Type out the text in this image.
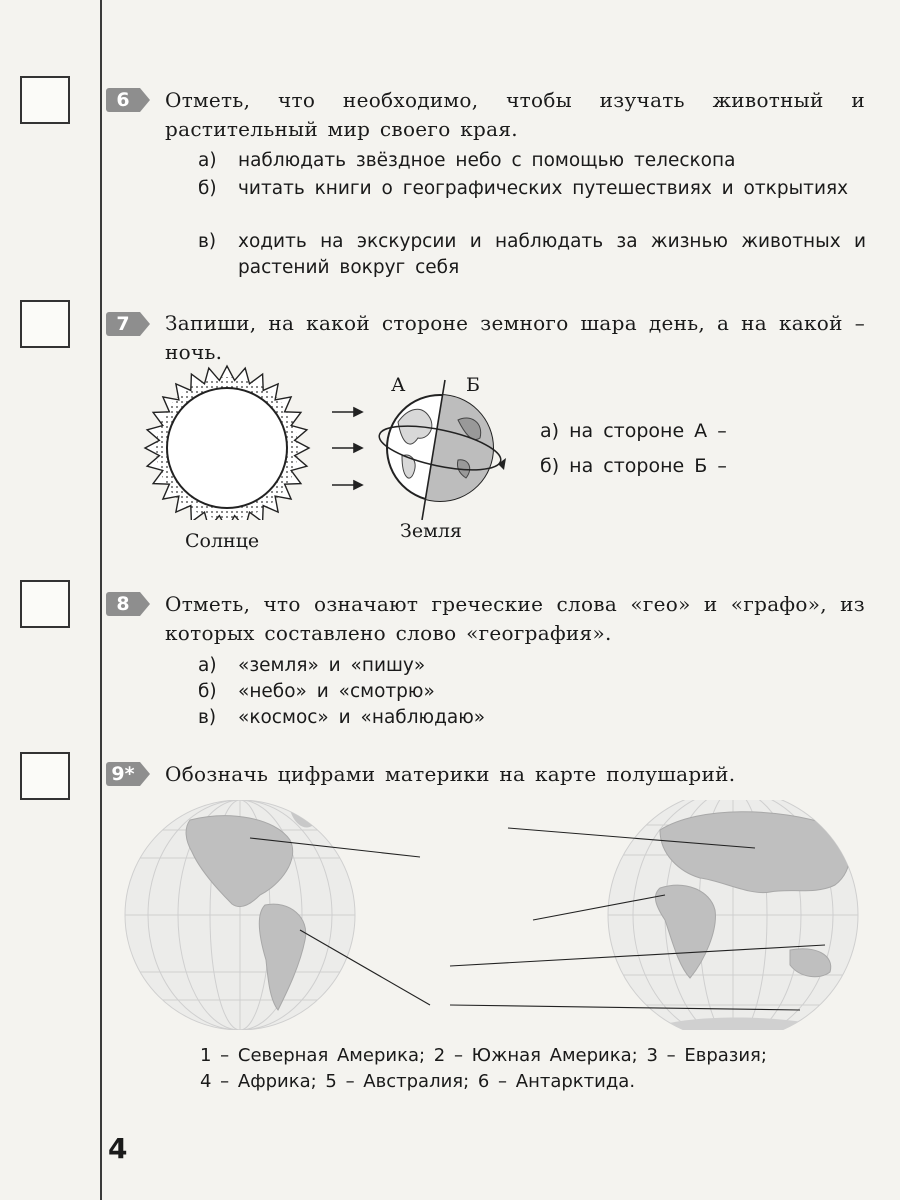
6	Отметь, что необходимо, чтобы изучать животный и растительный мир своего края.
а) наблюдать звёздное небо с помощью телескопа
б) читать книги о географических путешествиях и открытиях
в) ходить на экскурсии и наблюдать за жизнью животных и растений вокруг себя
7	Запиши, на какой стороне земного шара день, а на какой – ночь.
А	Б
Солнце	Земля
а) на стороне А –
б) на стороне Б –
8	Отметь, что означают греческие слова «гео» и «графо», из которых составлено слово «география».
а) «земля» и «пишу»
б) «небо» и «смотрю»
в) «космос» и «наблюдаю»
9* Обозначь цифрами материки на карте полушарий.
1 – Северная Америка; 2 – Южная Америка; 3 – Евразия;
4 – Африка; 5 – Австралия; 6 – Антарктида.
4
